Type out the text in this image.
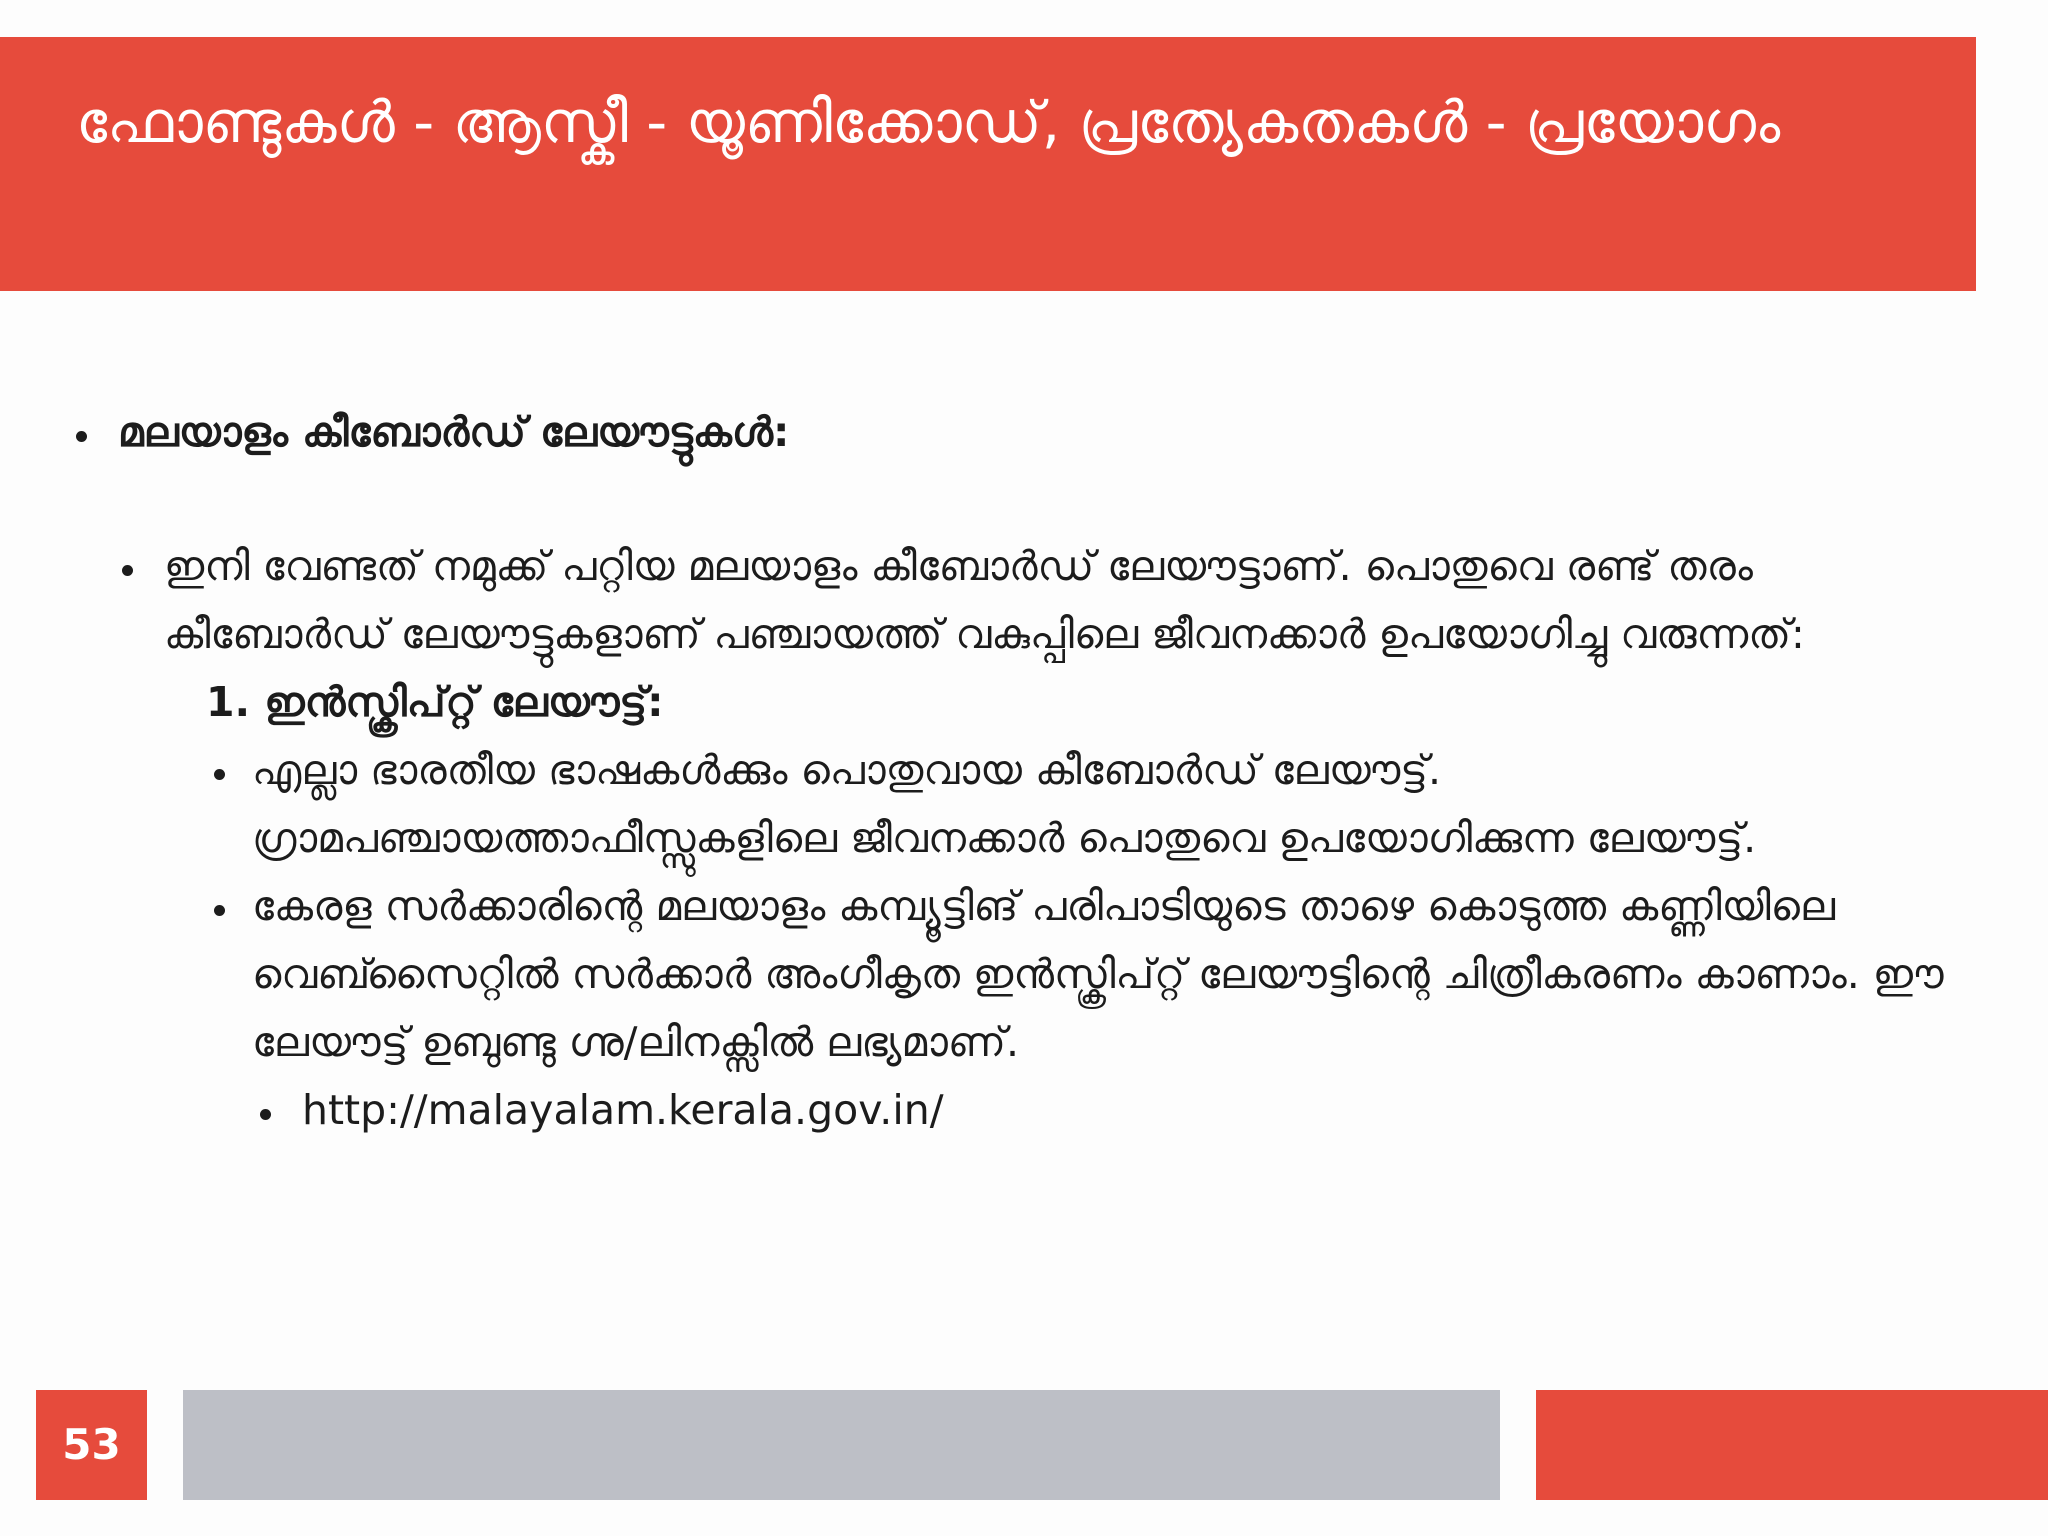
ഫോണ്ടുകൾ - ആസ്കീ - യൂണിക്കോഡ്, പ്രത്യേകതകൾ - പ്രയോഗം
മലയാളം കീബോർഡ് ലേയൗട്ടുകൾ:
ഇനി വേണ്ടത് നമുക്ക് പറ്റിയ മലയാളം കീബോർഡ് ലേയൗട്ടാണ്. പൊതുവെ രണ്ട് തരം കീബോർഡ് ലേയൗട്ടുകളാണ് പഞ്ചായത്ത് വകുപ്പിലെ ജീവനക്കാർ ഉപയോഗിച്ചു വരുന്നത്:
1. ഇൻസ്ക്രിപ്റ്റ് ലേയൗട്ട്:
എല്ലാ ഭാരതീയ ഭാഷകൾക്കും പൊതുവായ കീബോർഡ് ലേയൗട്ട്. ഗ്രാമപഞ്ചായത്താഫീസ്സുകളിലെ ജീവനക്കാർ പൊതുവെ ഉപയോഗിക്കുന്ന ലേയൗട്ട്.
കേരള സർക്കാരിന്റെ മലയാളം കമ്പ്യൂട്ടിങ് പരിപാടിയുടെ താഴെ കൊടുത്ത കണ്ണിയിലെ വെബ്സൈറ്റിൽ സർക്കാർ അംഗീകൃത ഇൻസ്ക്രിപ്റ്റ് ലേയൗട്ടിന്റെ ചിത്രീകരണം കാണാം. ഈ ലേയൗട്ട് ഉബുണ്ടു ഗ്നു/ലിനക്സിൽ ലഭ്യമാണ്.
http://malayalam.kerala.gov.in/
53
